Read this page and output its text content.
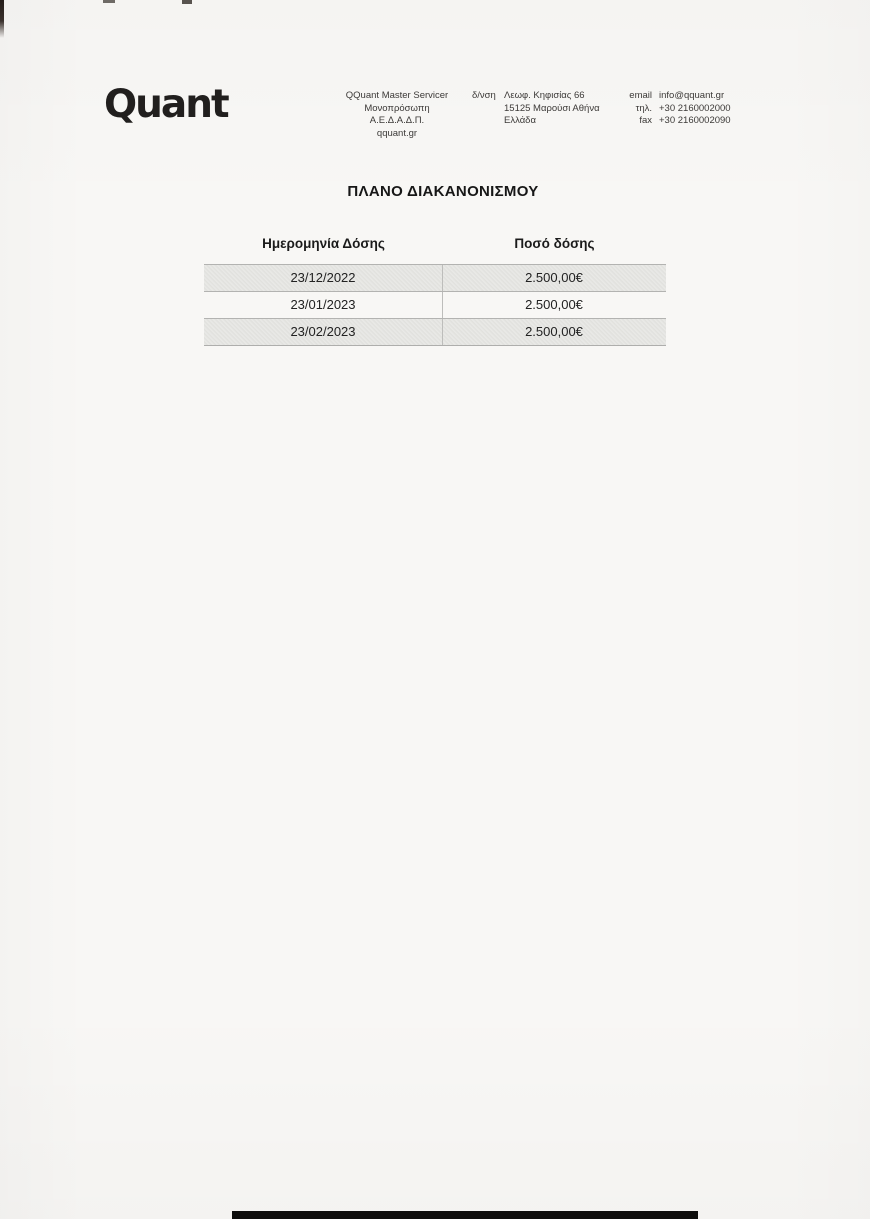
Quant	QQuant Master Servicer
Μονοπρόσωπη
Α.Ε.Δ.Α.Δ.Π.
qquant.gr
δ/νση Λεωφ. Κηφισίας 66
15125 Μαρούσι Αθήνα
Ελλάδα
email info@qquant.gr
τηλ. +30 2160002000
fax +30 2160002090
ΠΛΑΝΟ ΔΙΑΚΑΝΟΝΙΣΜΟΥ
Ημερομηνία Δόσης	Ποσό δόσης
23/12/2022	2.500,00€
23/01/2023	2.500,00€
23/02/2023	2.500,00€
